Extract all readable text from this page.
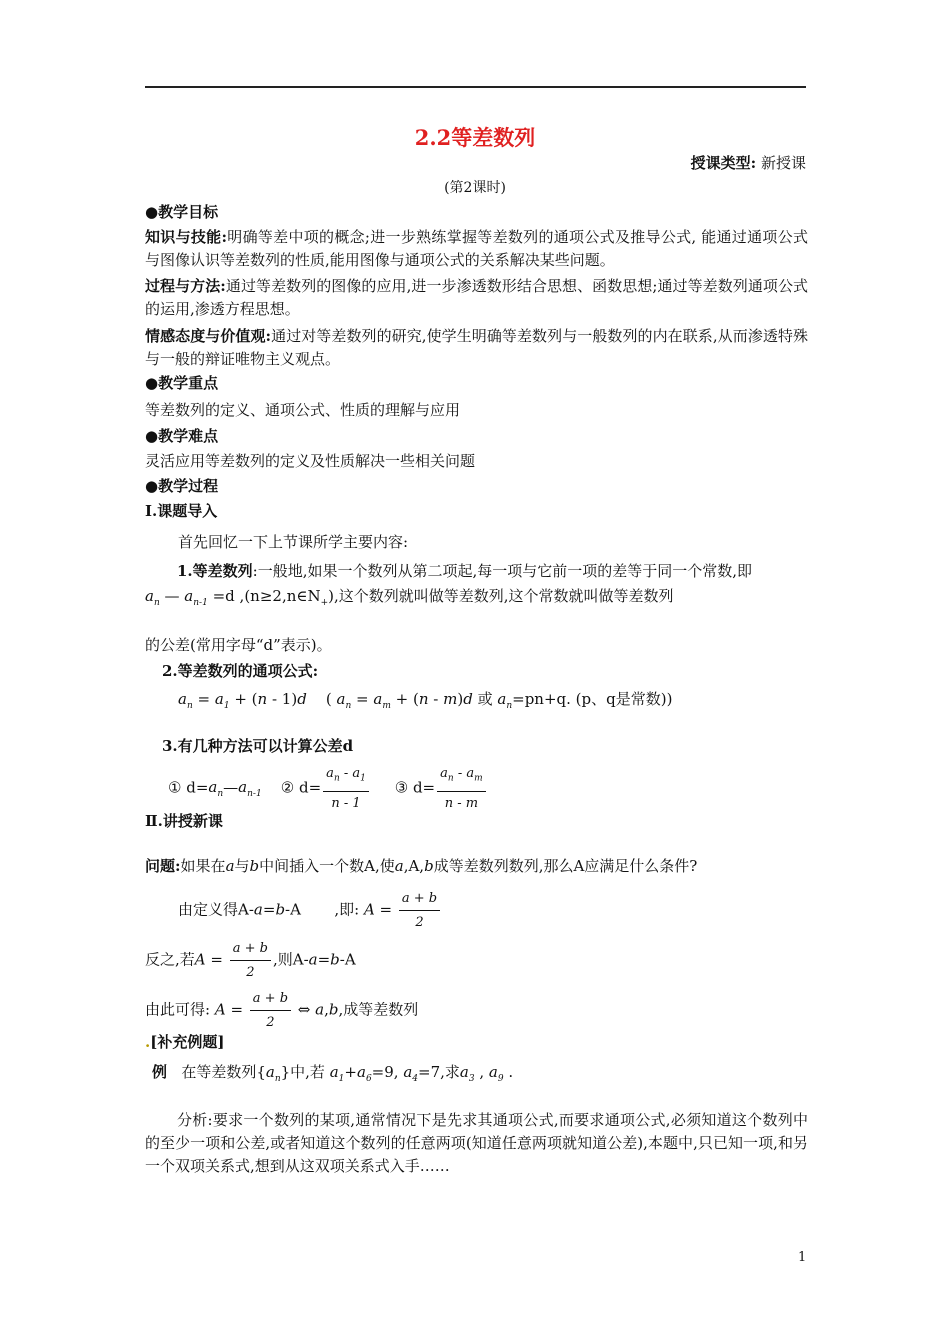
2.2等差数列
授课类型: 新授课
(第2课时)
●教学目标
知识与技能:明确等差中项的概念;进一步熟练掌握等差数列的通项公式及推导公式, 能通过通项公式与图像认识等差数列的性质,能用图像与通项公式的关系解决某些问题。
过程与方法:通过等差数列的图像的应用,进一步渗透数形结合思想、函数思想;通过等差数列通项公式的运用,渗透方程思想。
情感态度与价值观:通过对等差数列的研究,使学生明确等差数列与一般数列的内在联系,从而渗透特殊与一般的辩证唯物主义观点。
●教学重点
等差数列的定义、通项公式、性质的理解与应用
●教学难点
灵活应用等差数列的定义及性质解决一些相关问题
●教学过程
Ⅰ.课题导入
首先回忆一下上节课所学主要内容:
1.等差数列:一般地,如果一个数列从第二项起,每一项与它前一项的差等于同一个常数,即
$a_n$ — $a_{n-1} =d$ $,(n\ge 2,n\in N_+)$,这个数列就叫做等差数列,这个常数就叫做等差数列
的公差(常用字母“d”表示)。
2.等差数列的通项公式:
$a_n = a_1 + (n - 1)d$    ( $a_n = a_m + (n - m)d$ 或 $a_n=pn+q$. (p、q是常数))
3.有几种方法可以计算公差d
① $d=a_n—a_{n-1}$ ② $d= \frac{a_n - a_1}{n - 1}$ ③ $d= \frac{a_n - a_m}{n - m}$
Ⅱ.讲授新课
问题:如果在a与b中间插入一个数A,使a,A,b成等差数列数列,那么A应满足什么条件?
由定义得A-a=b-A       ,即: $A = \frac{a + b}{2}$
反之,若$A = \frac{a + b}{2}$ ,则A-a=b-A
由此可得: $A = \frac{a + b}{2}$ ⇔ a,b,成等差数列
.[补充例题]
例 在等差数列$\{a_n\}$中,若 $a_1+a_6=9$, $a_4=7$,求$a_3$ , $a_9$ .
分析:要求一个数列的某项,通常情况下是先求其通项公式,而要求通项公式,必须知道这个数列中的至少一项和公差,或者知道这个数列的任意两项(知道任意两项就知道公差),本题中,只已知一项,和另一个双项关系式,想到从这双项关系式入手……
1
